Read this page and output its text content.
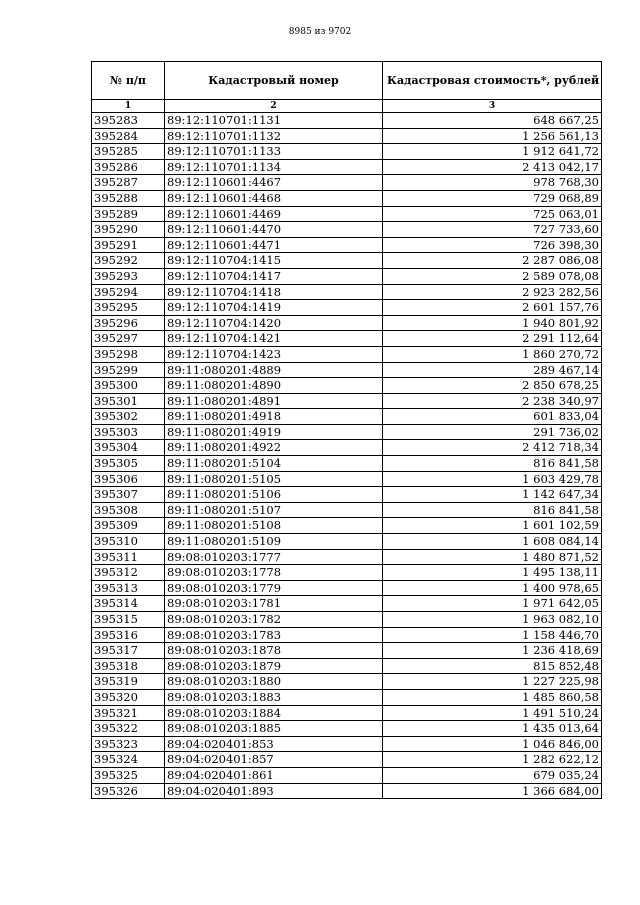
8985 из 9702
№ п/п	Кадастровый номер	Кадастровая стоимость*, рублей
1	2	3
395283	89:12:110701:1131	648 667,25
395284	89:12:110701:1132	1 256 561,13
395285	89:12:110701:1133	1 912 641,72
395286	89:12:110701:1134	2 413 042,17
395287	89:12:110601:4467	978 768,30
395288	89:12:110601:4468	729 068,89
395289	89:12:110601:4469	725 063,01
395290	89:12:110601:4470	727 733,60
395291	89:12:110601:4471	726 398,30
395292	89:12:110704:1415	2 287 086,08
395293	89:12:110704:1417	2 589 078,08
395294	89:12:110704:1418	2 923 282,56
395295	89:12:110704:1419	2 601 157,76
395296	89:12:110704:1420	1 940 801,92
395297	89:12:110704:1421	2 291 112,64
395298	89:12:110704:1423	1 860 270,72
395299	89:11:080201:4889	289 467,14
395300	89:11:080201:4890	2 850 678,25
395301	89:11:080201:4891	2 238 340,97
395302	89:11:080201:4918	601 833,04
395303	89:11:080201:4919	291 736,02
395304	89:11:080201:4922	2 412 718,34
395305	89:11:080201:5104	816 841,58
395306	89:11:080201:5105	1 603 429,78
395307	89:11:080201:5106	1 142 647,34
395308	89:11:080201:5107	816 841,58
395309	89:11:080201:5108	1 601 102,59
395310	89:11:080201:5109	1 608 084,14
395311	89:08:010203:1777	1 480 871,52
395312	89:08:010203:1778	1 495 138,11
395313	89:08:010203:1779	1 400 978,65
395314	89:08:010203:1781	1 971 642,05
395315	89:08:010203:1782	1 963 082,10
395316	89:08:010203:1783	1 158 446,70
395317	89:08:010203:1878	1 236 418,69
395318	89:08:010203:1879	815 852,48
395319	89:08:010203:1880	1 227 225,98
395320	89:08:010203:1883	1 485 860,58
395321	89:08:010203:1884	1 491 510,24
395322	89:08:010203:1885	1 435 013,64
395323	89:04:020401:853	1 046 846,00
395324	89:04:020401:857	1 282 622,12
395325	89:04:020401:861	679 035,24
395326	89:04:020401:893	1 366 684,00
